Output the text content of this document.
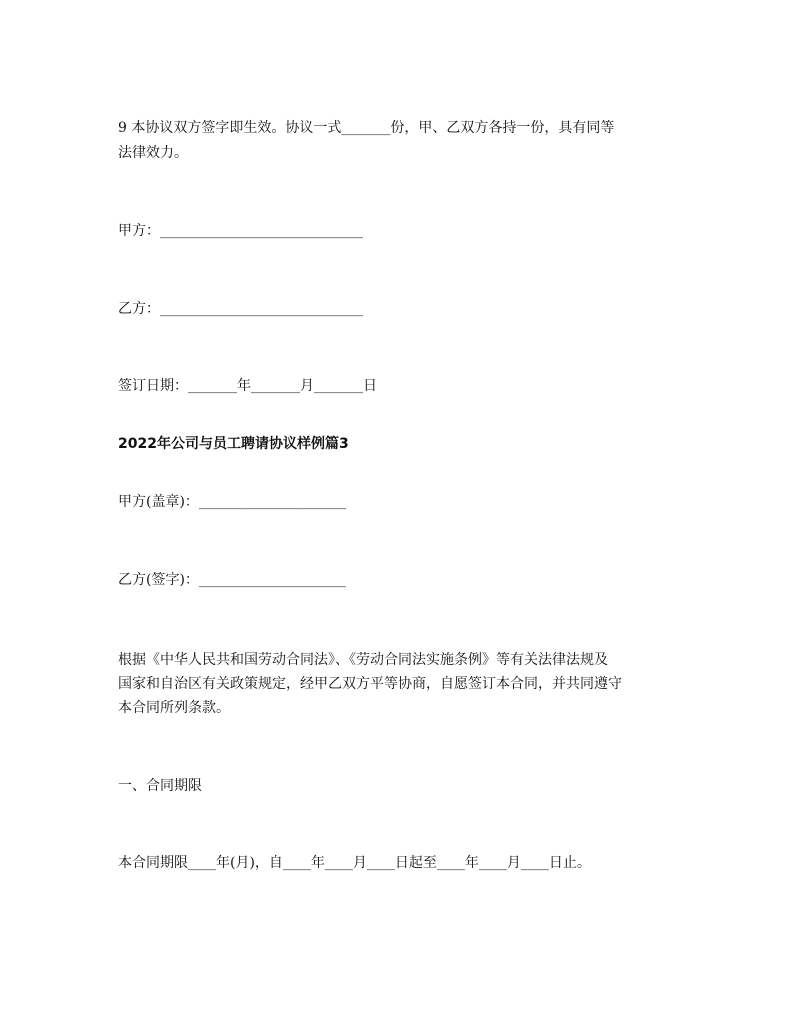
9 本协议双方签字即生效。协议一式_______份，甲、乙双方各持一份，具有同等
法律效力。
甲方：_____________________________
乙方：_____________________________
签订日期：_______年_______月_______日
2022年公司与员工聘请协议样例篇3
甲方(盖章)：_____________________
乙方(签字)：_____________________
根据《中华人民共和国劳动合同法》、《劳动合同法实施条例》等有关法律法规及
国家和自治区有关政策规定，经甲乙双方平等协商，自愿签订本合同，并共同遵守
本合同所列条款。
一、合同期限
本合同期限____年(月)，自____年____月____日起至____年____月____日止。
